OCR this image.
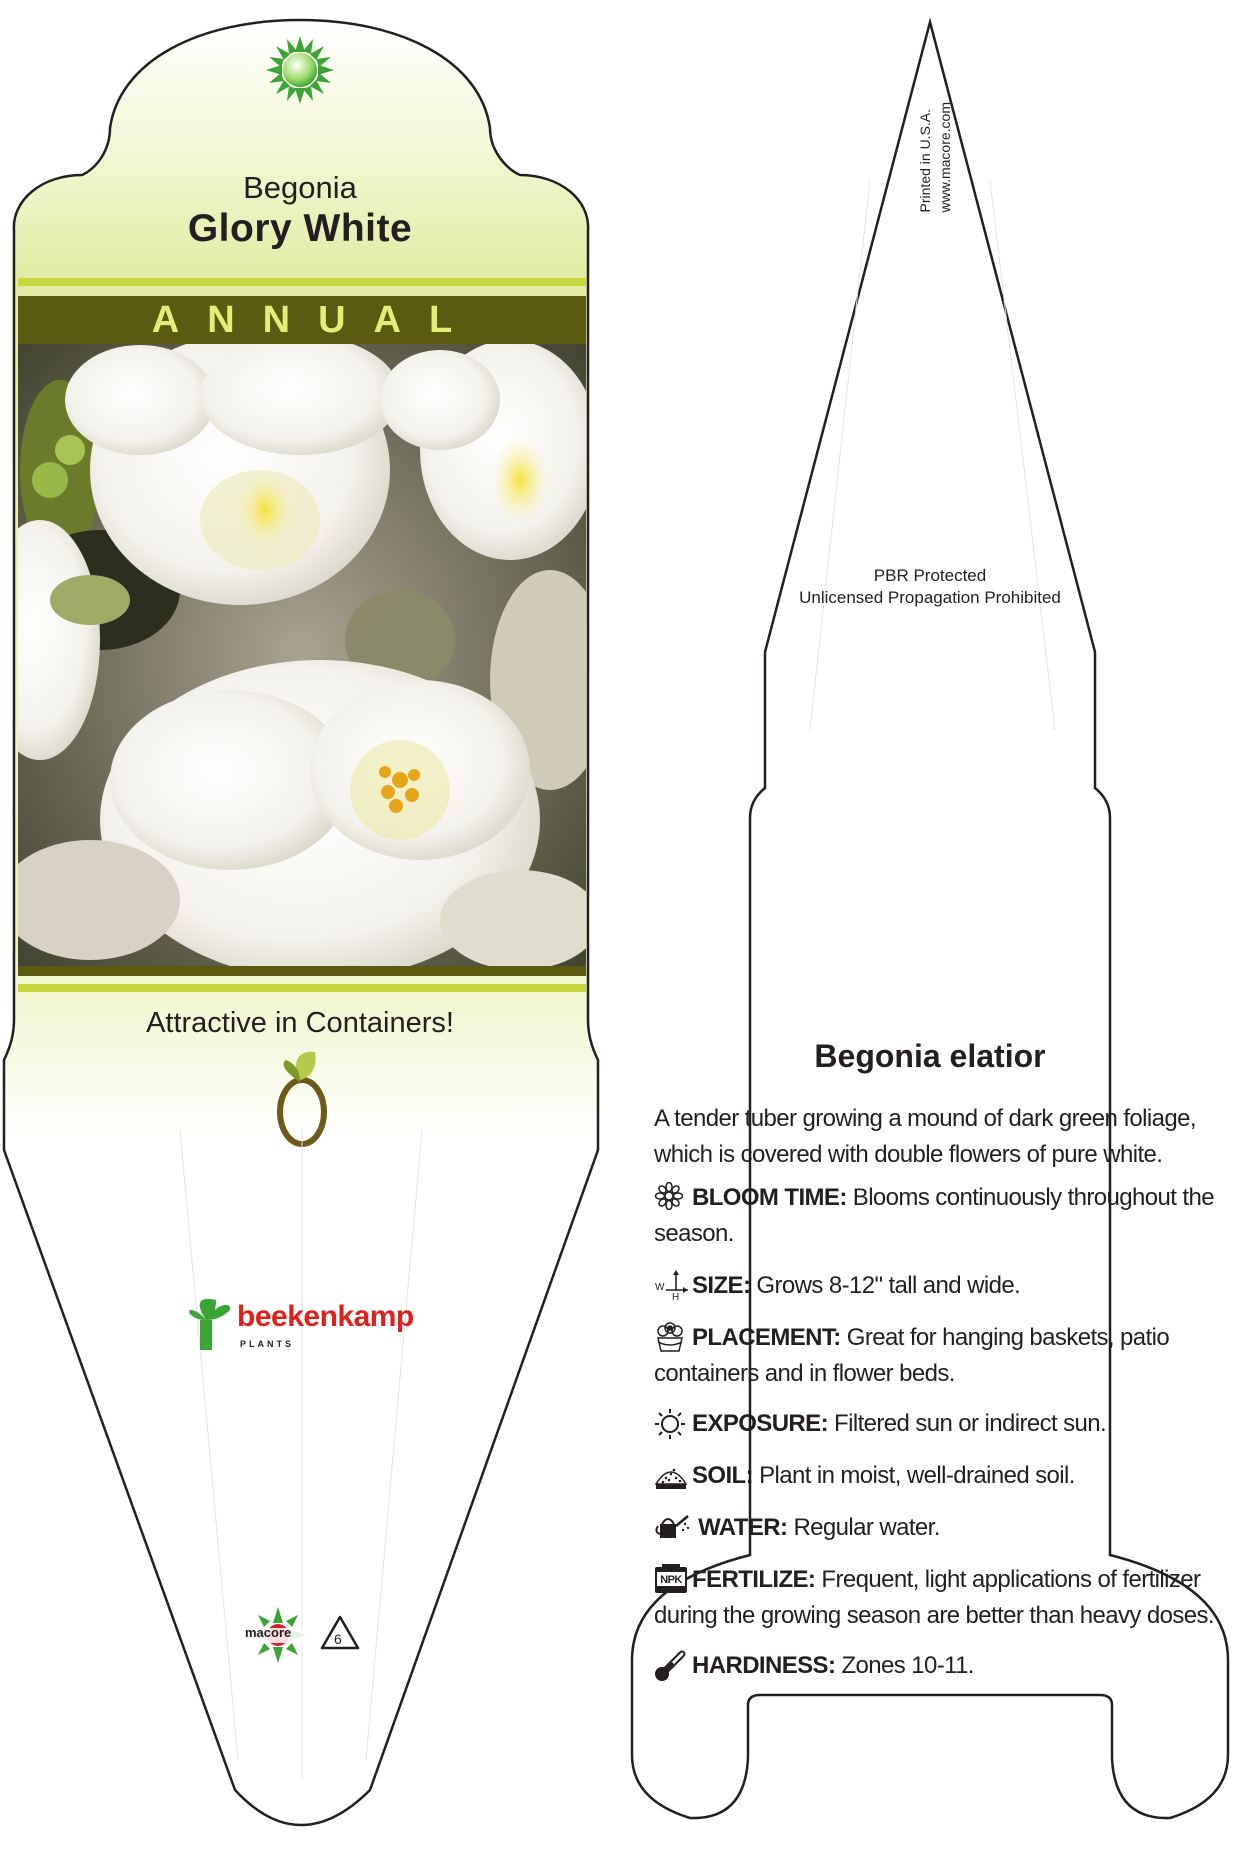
Begonia
Glory White
ANNUAL
Attractive in Containers!
beekenkamp
PLANTS
macore	6
Printed in U.S.A. www.macore.com
PBR Protected
Unlicensed Propagation Prohibited
Begonia elatior
A tender tuber growing a mound of dark green foliage, which is covered with double flowers of pure white.
BLOOM TIME: Blooms continuously throughout the season.
W
H SIZE: Grows 8-12" tall and wide.
PLACEMENT: Great for hanging baskets, patio containers and in flower beds.
EXPOSURE: Filtered sun or indirect sun.
SOIL: Plant in moist, well-drained soil.
WATER: Regular water.
NPK FERTILIZE: Frequent, light applications of fertilizer during the growing season are better than heavy doses.
HARDINESS: Zones 10-11.
